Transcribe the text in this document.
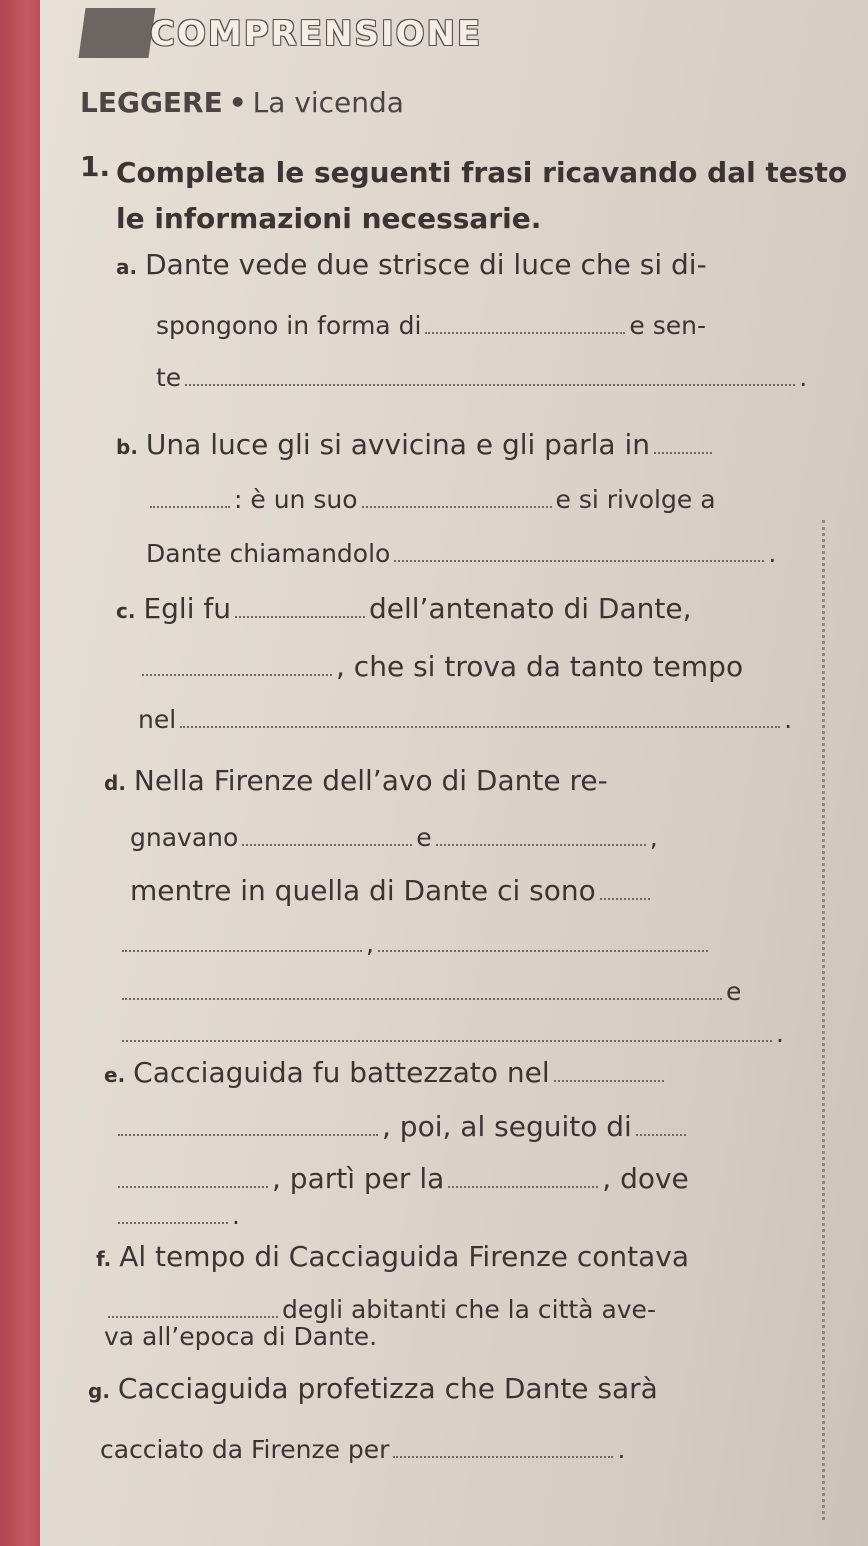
COMPRENSIONE
LEGGERE • La vicenda
1. Completa le seguenti frasi ricavando dal testo le informazioni necessarie.
a. Dante vede due strisce di luce che si di-
spongono in forma di	e sen-
te	.
b. Una luce gli si avvicina e gli parla in
: è un suo	e si rivolge a
Dante chiamandolo	.
c. Egli fu	dell’antenato di Dante,
, che si trova da tanto tempo
nel	.
d. Nella Firenze dell’avo di Dante re-
gnavano	e	,
mentre in quella di Dante ci sono
,
e
.
e. Cacciaguida fu battezzato nel
, poi, al seguito di
, partì per la	, dove
.
f. Al tempo di Cacciaguida Firenze contava
degli abitanti che la città ave-
va all’epoca di Dante.
g. Cacciaguida profetizza che Dante sarà
cacciato da Firenze per	.
